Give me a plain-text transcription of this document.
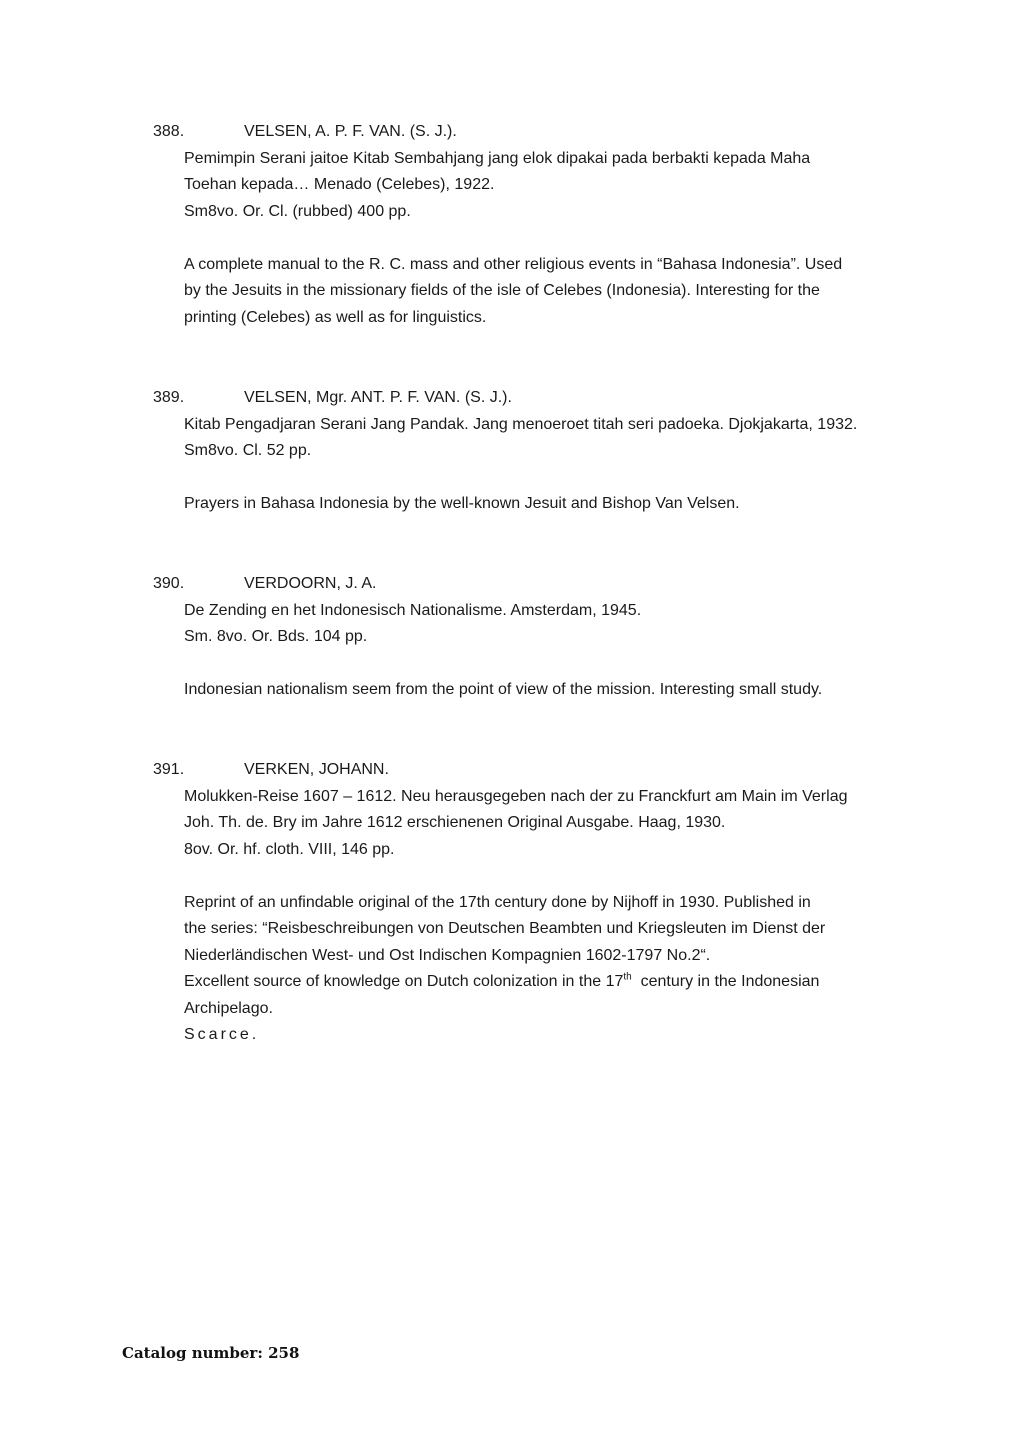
388.	VELSEN, A. P. F. VAN. (S. J.).
Pemimpin Serani jaitoe Kitab Sembahjang jang elok dipakai pada berbakti kepada Maha
Toehan kepada… Menado (Celebes), 1922.
Sm8vo. Or. Cl. (rubbed) 400 pp.
A complete manual to the R. C. mass and other religious events in “Bahasa Indonesia”. Used
by the Jesuits in the missionary fields of the isle of Celebes (Indonesia). Interesting for the
printing (Celebes) as well as for linguistics.
389.	VELSEN, Mgr. ANT. P. F. VAN. (S. J.).
Kitab Pengadjaran Serani Jang Pandak. Jang menoeroet titah seri padoeka. Djokjakarta, 1932.
Sm8vo. Cl. 52 pp.
Prayers in Bahasa Indonesia by the well-known Jesuit and Bishop Van Velsen.
390.	VERDOORN, J. A.
De Zending en het Indonesisch Nationalisme. Amsterdam, 1945.
Sm. 8vo. Or. Bds. 104 pp.
Indonesian nationalism seem from the point of view of the mission. Interesting small study.
391.	VERKEN, JOHANN.
Molukken-Reise 1607 – 1612. Neu herausgegeben nach der zu Franckfurt am Main im Verlag
Joh. Th. de. Bry im Jahre 1612 erschienenen Original Ausgabe. Haag, 1930.
8ov. Or. hf. cloth. VIII, 146 pp.
Reprint of an unfindable original of the 17th century done by Nijhoff in 1930. Published in
the series: “Reisbeschreibungen von Deutschen Beambten und Kriegsleuten im Dienst der
Niederländischen West- und Ost Indischen Kompagnien 1602-1797 No.2“.
Excellent source of knowledge on Dutch colonization in the 17th  century in the Indonesian
Archipelago.
Scarce.
Catalog number: 258
